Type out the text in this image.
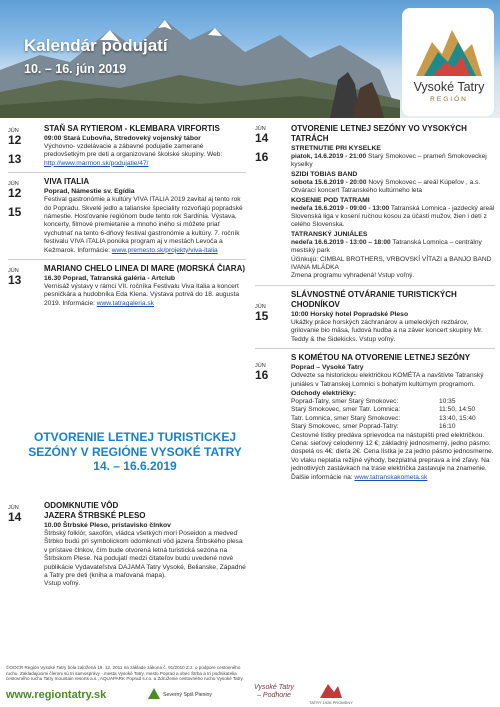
Kalendár podujatí
10. – 16. jún 2019
Vysoké Tatry
REGIÓN
JÚN
12
13
STAŇ SA RYTIEROM - KLEMBARA VIRFORTIS
09:00 Stará Ľubovňa, Stredoveký vojenský tábor
Výchovno- vzdelávacie a zábavné podujatie zamerané predovšetkým pre deti a organizované školské skupiny. Web: http://www.marmon.sk/podujatie/47/
JÚN
12
15
VIVA ITALIA
Poprad, Námestie sv. Egídia
Festival gastronómie a kultúry VIVA ITALIA 2019 zavítal aj tento rok do Popradu. Skvelé jedlo a talianske špeciality rozvoňajú popradské námestie. Hosťovanie regiónom bude tento rok Sardínia. Výstava, koncerty, filmové premietanie a mnoho iného si môžete priať vychutnať na tento 6-dňový festival gastronómie a kultúry. 7. ročník festivalu VIVA ITALIA ponúka program aj v mestách Levoča a Kežmarok. Informácie: www.premesto.sk/projekty/viva-italia
JÚN
13
MARIANO CHELO LINEA DI MARE (MORSKÁ ČIARA)
16.30 Poprad, Tatranská galéria - Artclub
Vernisáž výstavy v rámci VII. ročníka Festivalu Viva Italia a koncert pesničkára a hudobníka Eda Klena. Výstava potrvá do 18. augusta 2019. Informácie: www.tatragaleria.sk
OTVORENIE LETNEJ TURISTICKEJ
SEZÓNY V REGIÓNE VYSOKÉ TATRY
14. – 16.6.2019
JÚN
14
ODOMKNUTIE VÔD
JAZERA ŠTRBSKÉ PLESO
10.00 Štrbské Pleso, prístavisko člnkov
Štrbský folklór, saxofón, vládca všetkých morí Poseidon a medveď Štrbko budú pri symbolickom odomknutí vôd jazera Štrbského plesa v prístave člnkov, čím bude otvorená letná turistická sezóna na Štrbskom Plese. Na podujatí medzi čitateľov budú uvedené nové publikácie Vydavateľstva DAJAMA Tatry Vysoké, Belianske, Západné a Tatry pre deti (kniha a maľovaná mapa).
Vstup voľný.
JÚN
14
16
OTVORENIE LETNEJ SEZÓNY VO VYSOKÝCH TATRÁCH
STRETNUTIE PRI KYSELKE
piatok, 14.6.2019 - 21:00 Starý Smokovec – prameň Smokoveckej kyselky
SZIDI TOBIAS BAND
sobota 15.6.2019 - 20:00 Nový Smokovec – areál Kúpeľov , a.s.
Otvárací koncert Tatranského kultúrneho leta
KOSENIE POD TATRAMI
nedeľa 16.6.2019 - 09:00 - 13:00 Tatranská Lomnica - jazdecký areál
Slovenská liga v kosení ručnou kosou za účasti mužov, žien i detí z celého Slovenska.
TATRANSKÝ JUNIÁLES
nedeľa 16.6.2019 - 13:00 – 18:00 Tatranská Lomnica – centrálny mestský park
Účinkujú: CIMBAL BROTHERS, VRBOVSKÍ VÍTAZI a BANJO BAND IVANA MLÁDKA
Zmena programu vyhradená! Vstup voľný.
JÚN
15
SLÁVNOSTNÉ OTVÁRANIE TURISTICKÝCH CHODNÍKOV
10:00 Horský hotel Popradské Pleso
Ukážky práce horských záchranárov a umeleckých rezbárov, grilovanie bio mäsa, ľudová hudba a na záver koncert skupiny Mr. Teddy & the Sidekicks. Vstup voľný.
JÚN
16
S KOMÉTOU NA OTVORENIE LETNEJ SEZÓNY
Poprad – Vysoké Tatry
Odvezte sa historickou električkou KOMÉTA a navštívte Tatranský juniáles v Tatranskej Lomnici s bohatým kultúrnym programom.
Odchody električky:
Poprad-Tatry, smer Starý Smokovec:	10:35
Starý Smokovec, smer Tatr. Lomnica:	11:50, 14:50
Tatr. Lomnica, smer Starý Smokovec:	13:40, 15:40
Starý Smokovec, smer Poprad-Tatry:	16:10
Cestovné lístky predáva sprievodca na nástupišti pred električkou. Cena: sieťový celodenný 12 €; základný jednosmerný, jedno pásmo: dospelá os 4€; dieťa 2€. Cena lístka je za jedno pásmo jednosmerne. Vo vlaku neplatia režijné výhody, bezplatná preprava a iné zľavy. Na jednotlivých zastávkach na trase električka zastavuje na znamenie.
Ďalšie informácie na: www.tatranskakometa.sk
©OOCR Región Vysoké Tatry bola založená 19. 12. 2011 na základe zákona č. 91/2010 Z.z. o podpore cestovného ruchu. Zakladajúcimi členmi sú tri samosprávy - mesta Vysoké Tatry, mesto Poprad a obec Štrba a tri podnikatelia cestovného ruchu Tatry mountain resorts a.s., AQUAPARK Poprad s.r.o. a Združenie cestovného ruchu Vysoké Tatry.
www.regiontatry.sk	Severný Spiš Pieniny
Vysoké Tatry
– Podhorie
TATRY 1926 PROMENY
